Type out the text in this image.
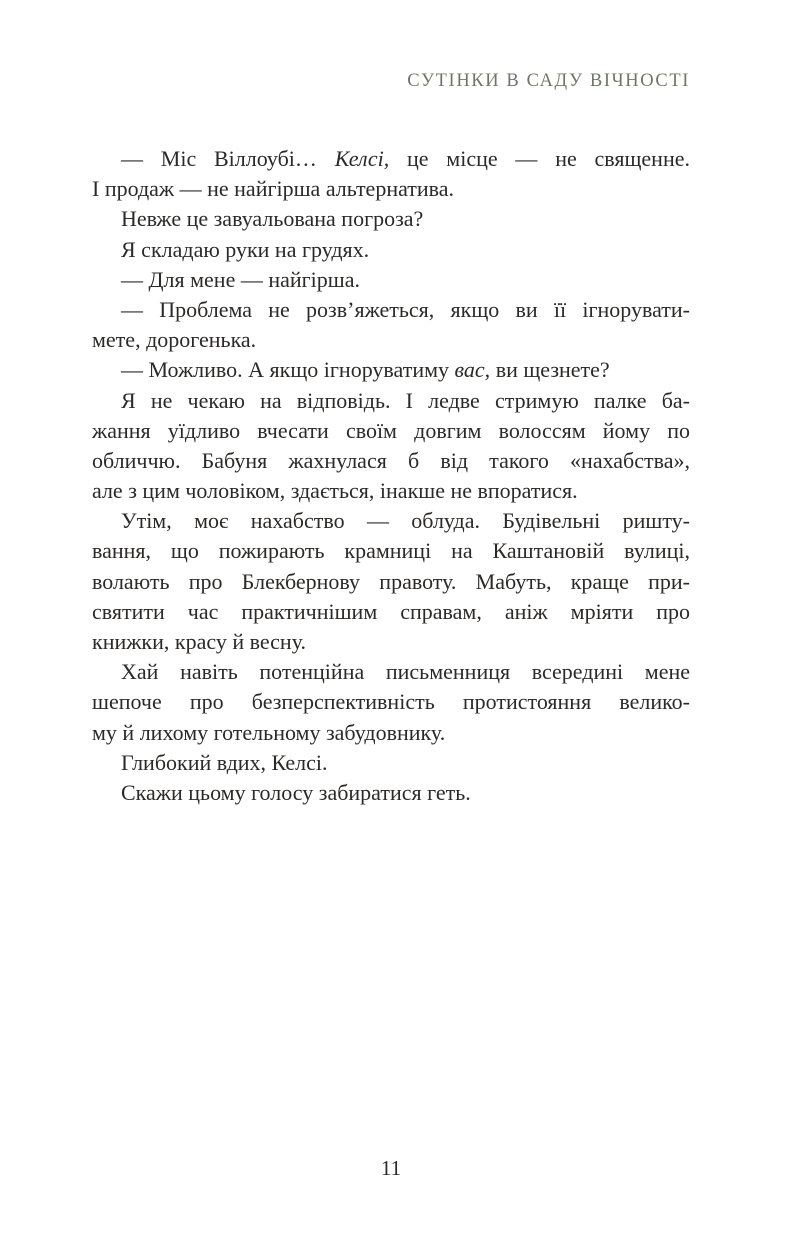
СУТІНКИ В САДУ ВІЧНОСТІ
— Міс Віллоубі… Келсі, це місце — не священне.
І продаж — не найгірша альтернатива.
Невже це завуальована погроза?
Я складаю руки на грудях.
— Для мене — найгірша.
— Проблема не розв’яжеться, якщо ви її ігнорувати-
мете, дорогенька.
— Можливо. А якщо ігноруватиму вас, ви щезнете?
Я не чекаю на відповідь. І ледве стримую палке ба-
жання уїдливо вчесати своїм довгим волоссям йому по
обличчю. Бабуня жахнулася б від такого «нахабства»,
але з цим чоловіком, здається, інакше не впоратися.
Утім, моє нахабство — облуда. Будівельні ришту-
вання, що пожирають крамниці на Каштановій вулиці,
волають про Блекбернову правоту. Мабуть, краще при-
святити час практичнішим справам, аніж мріяти про
книжки, красу й весну.
Хай навіть потенційна письменниця всередині мене
шепоче про безперспективність протистояння велико-
му й лихому готельному забудовнику.
Глибокий вдих, Келсі.
Скажи цьому голосу забиратися геть.
11
